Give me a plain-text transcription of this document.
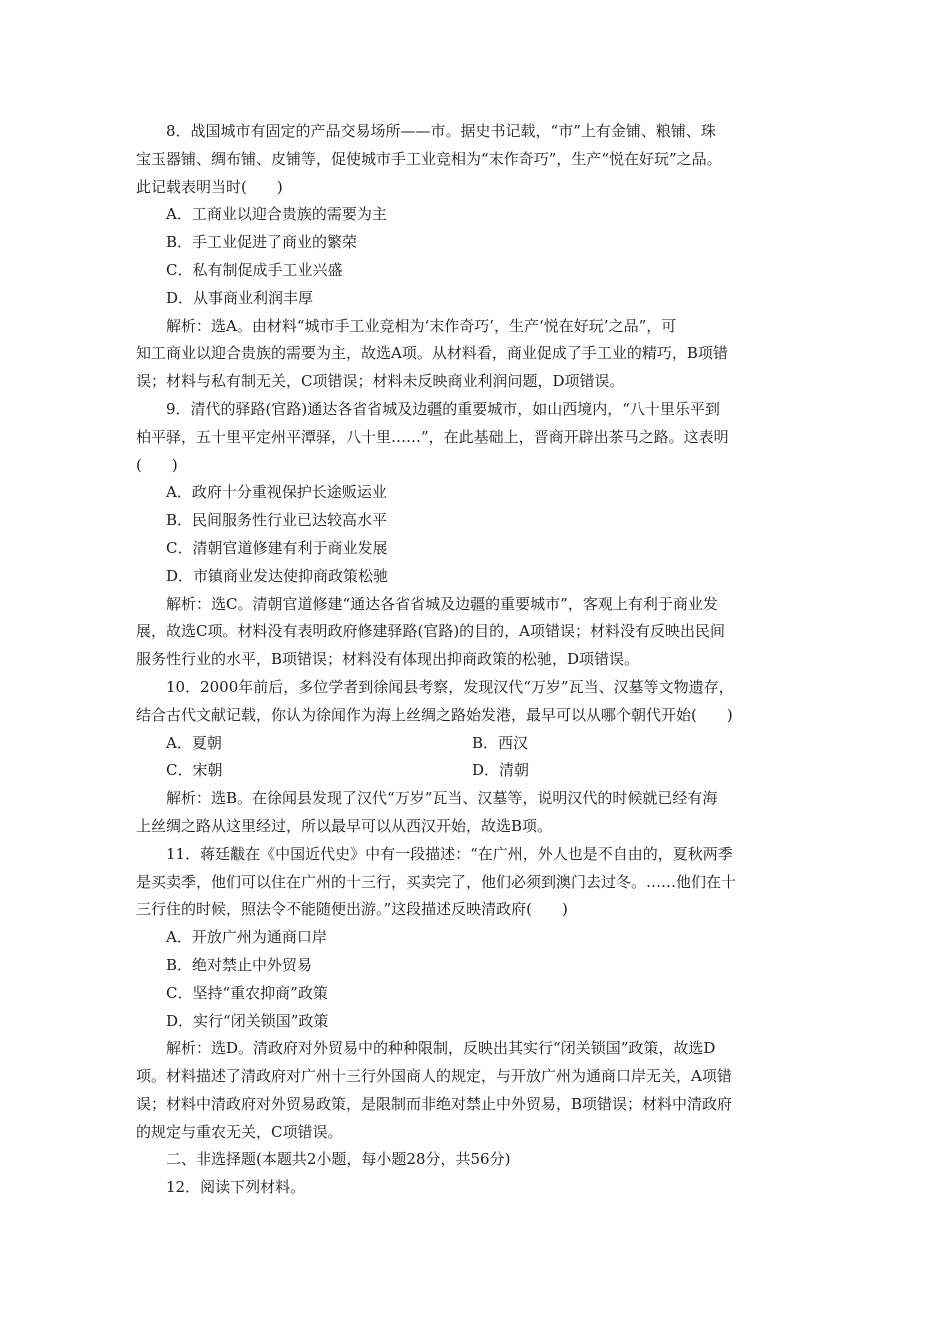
8．战国城市有固定的产品交易场所——市。据史书记载，“市”上有金铺、粮铺、珠
宝玉器铺、绸布铺、皮铺等，促使城市手工业竞相为“末作奇巧”，生产“悦在好玩”之品。
此记载表明当时(　　)
A．工商业以迎合贵族的需要为主
B．手工业促进了商业的繁荣
C．私有制促成手工业兴盛
D．从事商业利润丰厚
解析：选A。由材料“城市手工业竞相为‘末作奇巧’，生产‘悦在好玩’之品”，可
知工商业以迎合贵族的需要为主，故选A项。从材料看，商业促成了手工业的精巧，B项错
误；材料与私有制无关，C项错误；材料未反映商业利润问题，D项错误。
9．清代的驿路(官路)通达各省省城及边疆的重要城市，如山西境内，“八十里乐平到
柏平驿，五十里平定州平潭驿，八十里……”，在此基础上，晋商开辟出茶马之路。这表明
(　　)
A．政府十分重视保护长途贩运业
B．民间服务性行业已达较高水平
C．清朝官道修建有利于商业发展
D．市镇商业发达使抑商政策松驰
解析：选C。清朝官道修建“通达各省省城及边疆的重要城市”，客观上有利于商业发
展，故选C项。材料没有表明政府修建驿路(官路)的目的，A项错误；材料没有反映出民间
服务性行业的水平，B项错误；材料没有体现出抑商政策的松驰，D项错误。
10．2000年前后，多位学者到徐闻县考察，发现汉代“万岁”瓦当、汉墓等文物遗存，
结合古代文献记载，你认为徐闻作为海上丝绸之路始发港，最早可以从哪个朝代开始(　　)
A．夏朝	B．西汉
C．宋朝	D．清朝
解析：选B。在徐闻县发现了汉代“万岁”瓦当、汉墓等，说明汉代的时候就已经有海
上丝绸之路从这里经过，所以最早可以从西汉开始，故选B项。
11．蒋廷黻在《中国近代史》中有一段描述：“在广州，外人也是不自由的，夏秋两季
是买卖季，他们可以住在广州的十三行，买卖完了，他们必须到澳门去过冬。……他们在十
三行住的时候，照法令不能随便出游。”这段描述反映清政府(　　)
A．开放广州为通商口岸
B．绝对禁止中外贸易
C．坚持“重农抑商”政策
D．实行“闭关锁国”政策
解析：选D。清政府对外贸易中的种种限制，反映出其实行“闭关锁国”政策，故选D
项。材料描述了清政府对广州十三行外国商人的规定，与开放广州为通商口岸无关，A项错
误；材料中清政府对外贸易政策，是限制而非绝对禁止中外贸易，B项错误；材料中清政府
的规定与重农无关，C项错误。
二、非选择题(本题共2小题，每小题28分，共56分)
12．阅读下列材料。
